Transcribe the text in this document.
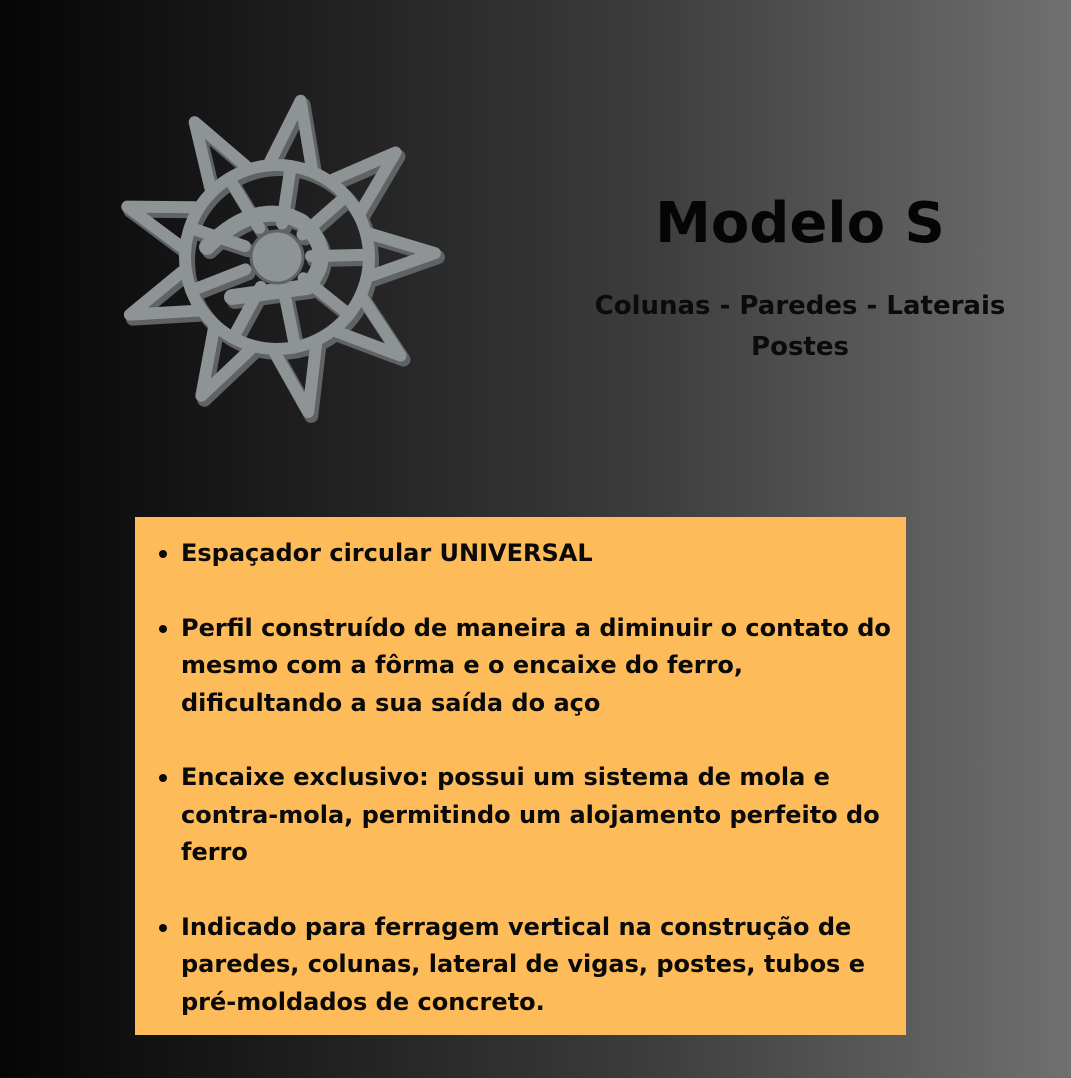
Modelo S

Colunas - Paredes - Laterais
Postes

Espaçador circular UNIVERSAL
Perfil construído de maneira a diminuir o contato do mesmo com a fôrma e o encaixe do ferro, dificultando a sua saída do aço
Encaixe exclusivo: possui um sistema de mola e contra-mola, permitindo um alojamento perfeito do ferro
Indicado para ferragem vertical na construção de paredes, colunas, lateral de vigas, postes, tubos e pré-moldados de concreto.
